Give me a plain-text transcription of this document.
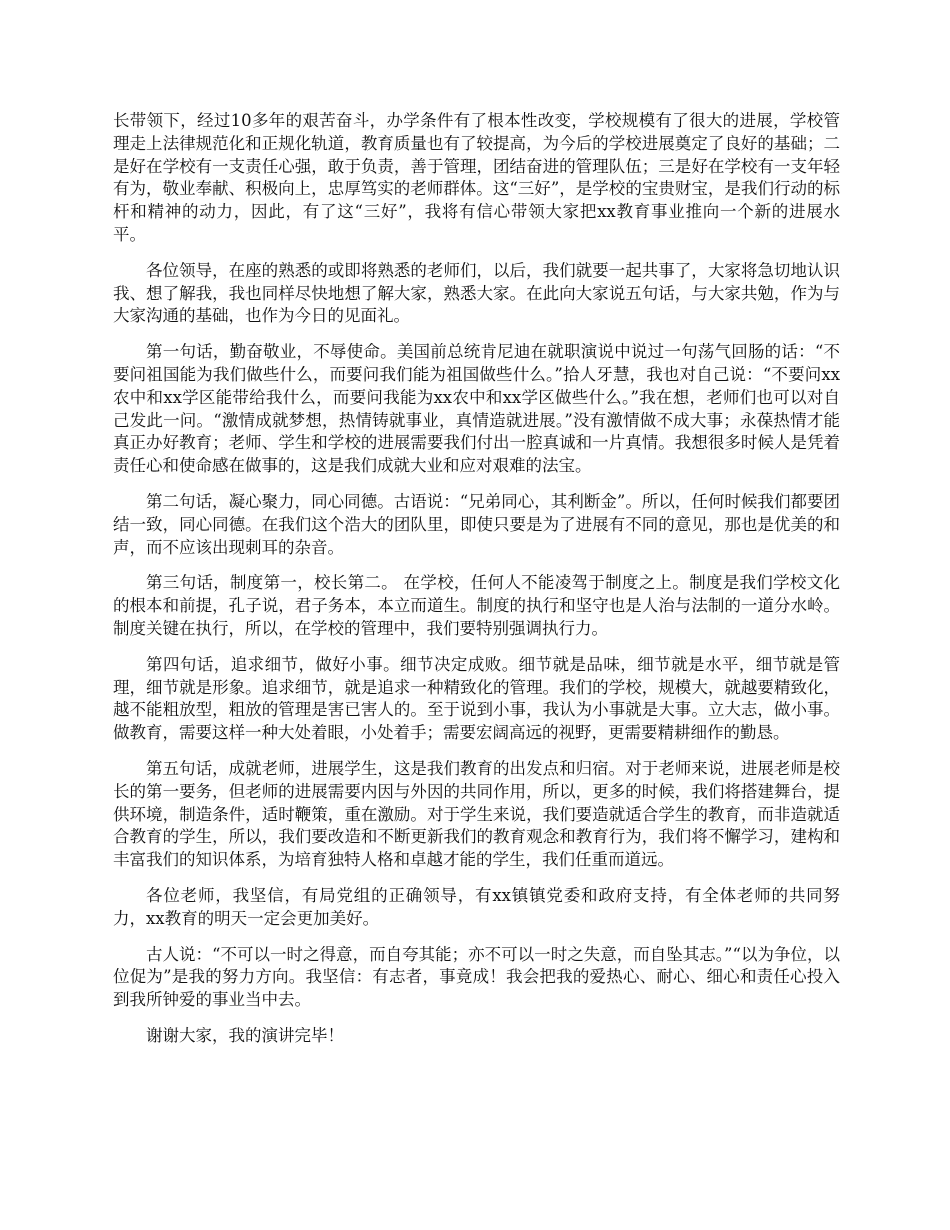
长带领下，经过10多年的艰苦奋斗，办学条件有了根本性改变，学校规模有了很大的进展，学校管理走上法律规范化和正规化轨道，教育质量也有了较提高，为今后的学校进展奠定了良好的基础；二是好在学校有一支责任心强，敢于负责，善于管理，团结奋进的管理队伍；三是好在学校有一支年轻有为，敬业奉献、积极向上，忠厚笃实的老师群体。这“三好”，是学校的宝贵财宝，是我们行动的标杆和精神的动力，因此，有了这“三好”，我将有信心带领大家把xx教育事业推向一个新的进展水平。

各位领导，在座的熟悉的或即将熟悉的老师们，以后，我们就要一起共事了，大家将急切地认识我、想了解我，我也同样尽快地想了解大家，熟悉大家。在此向大家说五句话，与大家共勉，作为与大家沟通的基础，也作为今日的见面礼。

第一句话，勤奋敬业，不辱使命。美国前总统肯尼迪在就职演说中说过一句荡气回肠的话：“不要问祖国能为我们做些什么，而要问我们能为祖国做些什么。”拾人牙慧，我也对自己说：“不要问xx农中和xx学区能带给我什么，而要问我能为xx农中和xx学区做些什么。”我在想，老师们也可以对自己发此一问。“激情成就梦想，热情铸就事业，真情造就进展。”没有激情做不成大事；永葆热情才能真正办好教育；老师、学生和学校的进展需要我们付出一腔真诚和一片真情。我想很多时候人是凭着责任心和使命感在做事的，这是我们成就大业和应对艰难的法宝。

第二句话，凝心聚力，同心同德。古语说：“兄弟同心，其利断金”。所以，任何时候我们都要团结一致，同心同德。在我们这个浩大的团队里，即使只要是为了进展有不同的意见，那也是优美的和声，而不应该出现刺耳的杂音。

第三句话，制度第一，校长第二。 在学校，任何人不能凌驾于制度之上。制度是我们学校文化的根本和前提，孔子说，君子务本，本立而道生。制度的执行和坚守也是人治与法制的一道分水岭。制度关键在执行，所以，在学校的管理中，我们要特别强调执行力。

第四句话，追求细节，做好小事。细节决定成败。细节就是品味，细节就是水平，细节就是管理，细节就是形象。追求细节，就是追求一种精致化的管理。我们的学校，规模大，就越要精致化，越不能粗放型，粗放的管理是害已害人的。至于说到小事，我认为小事就是大事。立大志，做小事。做教育，需要这样一种大处着眼，小处着手；需要宏阔高远的视野，更需要精耕细作的勤恳。

第五句话，成就老师，进展学生，这是我们教育的出发点和归宿。对于老师来说，进展老师是校长的第一要务，但老师的进展需要内因与外因的共同作用，所以，更多的时候，我们将搭建舞台，提供环境，制造条件，适时鞭策，重在激励。对于学生来说，我们要造就适合学生的教育，而非造就适合教育的学生，所以，我们要改造和不断更新我们的教育观念和教育行为，我们将不懈学习，建构和丰富我们的知识体系，为培育独特人格和卓越才能的学生，我们任重而道远。

各位老师，我坚信，有局党组的正确领导，有xx镇镇党委和政府支持，有全体老师的共同努力，xx教育的明天一定会更加美好。

古人说：“不可以一时之得意，而自夸其能；亦不可以一时之失意，而自坠其志。”“以为争位，以位促为”是我的努力方向。我坚信：有志者，事竟成！我会把我的爱热心、耐心、细心和责任心投入到我所钟爱的事业当中去。

谢谢大家，我的演讲完毕！
